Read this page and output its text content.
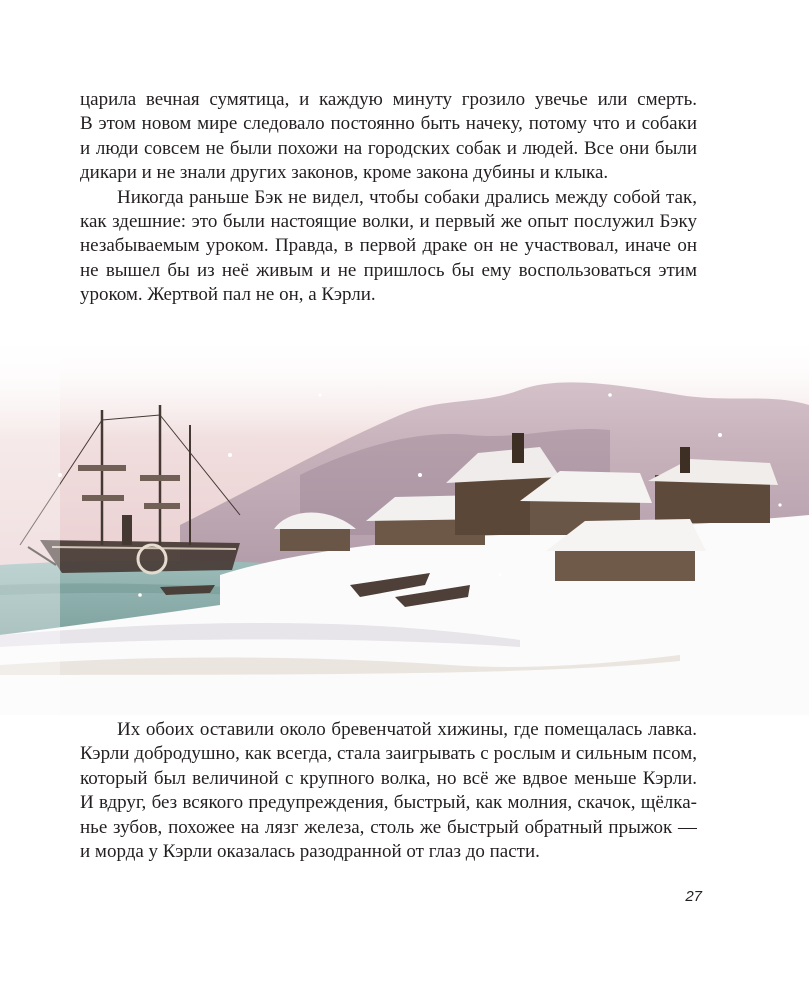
царила вечная сумятица, и каждую минуту грозило увечье или смерть.
В этом новом мире следовало постоянно быть начеку, потому что и собаки
и люди совсем не были похожи на городских собак и людей. Все они были
дикари и не знали других законов, кроме закона дубины и клыка.
Никогда раньше Бэк не видел, чтобы собаки дрались между собой так,
как здешние: это были настоящие волки, и первый же опыт послужил Бэку
незабываемым уроком. Правда, в первой драке он не участвовал, иначе он
не вышел бы из неё живым и не пришлось бы ему воспользоваться этим
уроком. Жертвой пал не он, а Кэрли.
Их обоих оставили около бревенчатой хижины, где помещалась лавка.
Кэрли добродушно, как всегда, стала заигрывать с рослым и сильным псом,
который был величиной с крупного волка, но всё же вдвое меньше Кэрли.
И вдруг, без всякого предупреждения, быстрый, как молния, скачок, щёлка-
нье зубов, похожее на лязг железа, столь же быстрый обратный прыжок —
и морда у Кэрли оказалась разодранной от глаз до пасти.
27
